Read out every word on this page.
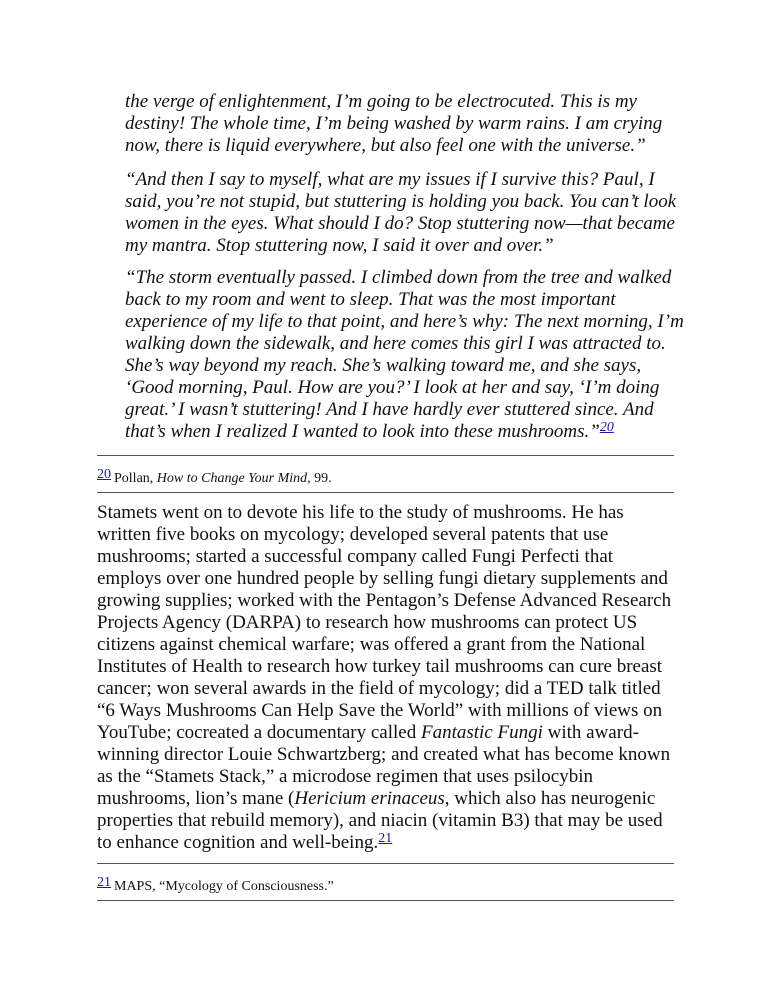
the verge of enlightenment, I’m going to be electrocuted. This is my destiny! The whole time, I’m being washed by warm rains. I am crying now, there is liquid everywhere, but also feel one with the universe.”

“And then I say to myself, what are my issues if I survive this? Paul, I said, you’re not stupid, but stuttering is holding you back. You can’t look women in the eyes. What should I do? Stop stuttering now—that became my mantra. Stop stuttering now, I said it over and over.”

“The storm eventually passed. I climbed down from the tree and walked back to my room and went to sleep. That was the most important experience of my life to that point, and here’s why: The next morning, I’m walking down the sidewalk, and here comes this girl I was attracted to. She’s way beyond my reach. She’s walking toward me, and she says, ‘Good morning, Paul. How are you?’ I look at her and say, ‘I’m doing great.’ I wasn’t stuttering! And I have hardly ever stuttered since. And that’s when I realized I wanted to look into these mushrooms.”$^{20}$

20 Pollan, How to Change Your Mind, 99.

Stamets went on to devote his life to the study of mushrooms. He has written five books on mycology; developed several patents that use mushrooms; started a successful company called Fungi Perfecti that employs over one hundred people by selling fungi dietary supplements and growing supplies; worked with the Pentagon’s Defense Advanced Research Projects Agency (DARPA) to research how mushrooms can protect US citizens against chemical warfare; was offered a grant from the National Institutes of Health to research how turkey tail mushrooms can cure breast cancer; won several awards in the field of mycology; did a TED talk titled “6 Ways Mushrooms Can Help Save the World” with millions of views on YouTube; cocreated a documentary called Fantastic Fungi with award-winning director Louie Schwartzberg; and created what has become known as the “Stamets Stack,” a microdose regimen that uses psilocybin mushrooms, lion’s mane (Hericium erinaceus, which also has neurogenic properties that rebuild memory), and niacin (vitamin B3) that may be used to enhance cognition and well-being.$^{21}$

21 MAPS, “Mycology of Consciousness.”
